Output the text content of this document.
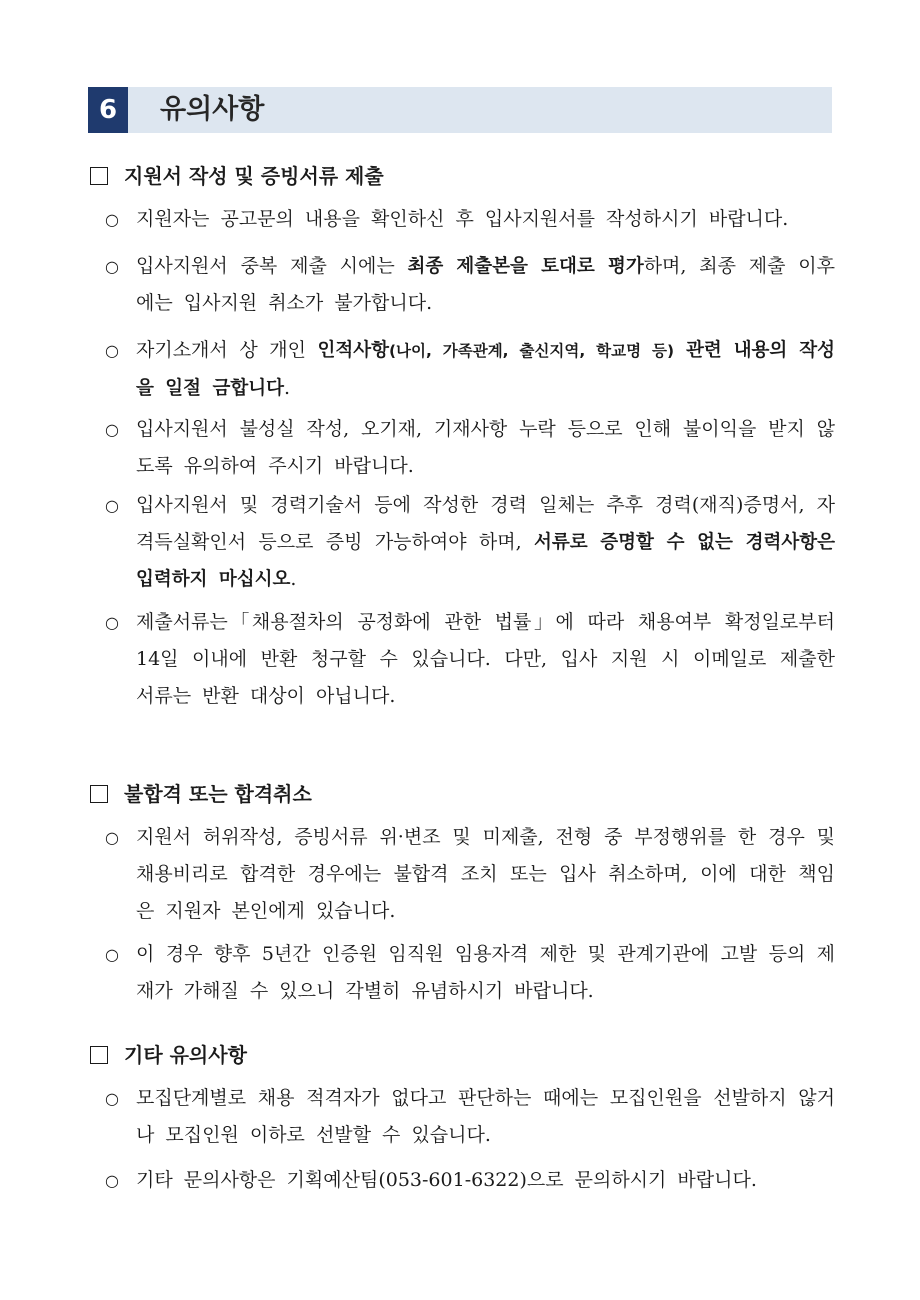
6	유의사항
지원서 작성 및 증빙서류 제출
○ 지원자는 공고문의 내용을 확인하신 후 입사지원서를 작성하시기 바랍니다.
○ 입사지원서 중복 제출 시에는 최종 제출본을 토대로 평가하며, 최종 제출 이후에는 입사지원 취소가 불가합니다.
○ 자기소개서 상 개인 인적사항(나이, 가족관계, 출신지역, 학교명 등) 관련 내용의 작성을 일절 금합니다.
○ 입사지원서 불성실 작성, 오기재, 기재사항 누락 등으로 인해 불이익을 받지 않도록 유의하여 주시기 바랍니다.
○ 입사지원서 및 경력기술서 등에 작성한 경력 일체는 추후 경력(재직)증명서, 자격득실확인서 등으로 증빙 가능하여야 하며, 서류로 증명할 수 없는 경력사항은 입력하지 마십시오.
○ 제출서류는「채용절차의 공정화에 관한 법률」에 따라 채용여부 확정일로부터 14일 이내에 반환 청구할 수 있습니다. 다만, 입사 지원 시 이메일로 제출한 서류는 반환 대상이 아닙니다.
불합격 또는 합격취소
○ 지원서 허위작성, 증빙서류 위·변조 및 미제출, 전형 중 부정행위를 한 경우 및 채용비리로 합격한 경우에는 불합격 조치 또는 입사 취소하며, 이에 대한 책임은 지원자 본인에게 있습니다.
○ 이 경우 향후 5년간 인증원 임직원 임용자격 제한 및 관계기관에 고발 등의 제재가 가해질 수 있으니 각별히 유념하시기 바랍니다.
기타 유의사항
○ 모집단계별로 채용 적격자가 없다고 판단하는 때에는 모집인원을 선발하지 않거나 모집인원 이하로 선발할 수 있습니다.
○ 기타 문의사항은 기획예산팀(053-601-6322)으로 문의하시기 바랍니다.
